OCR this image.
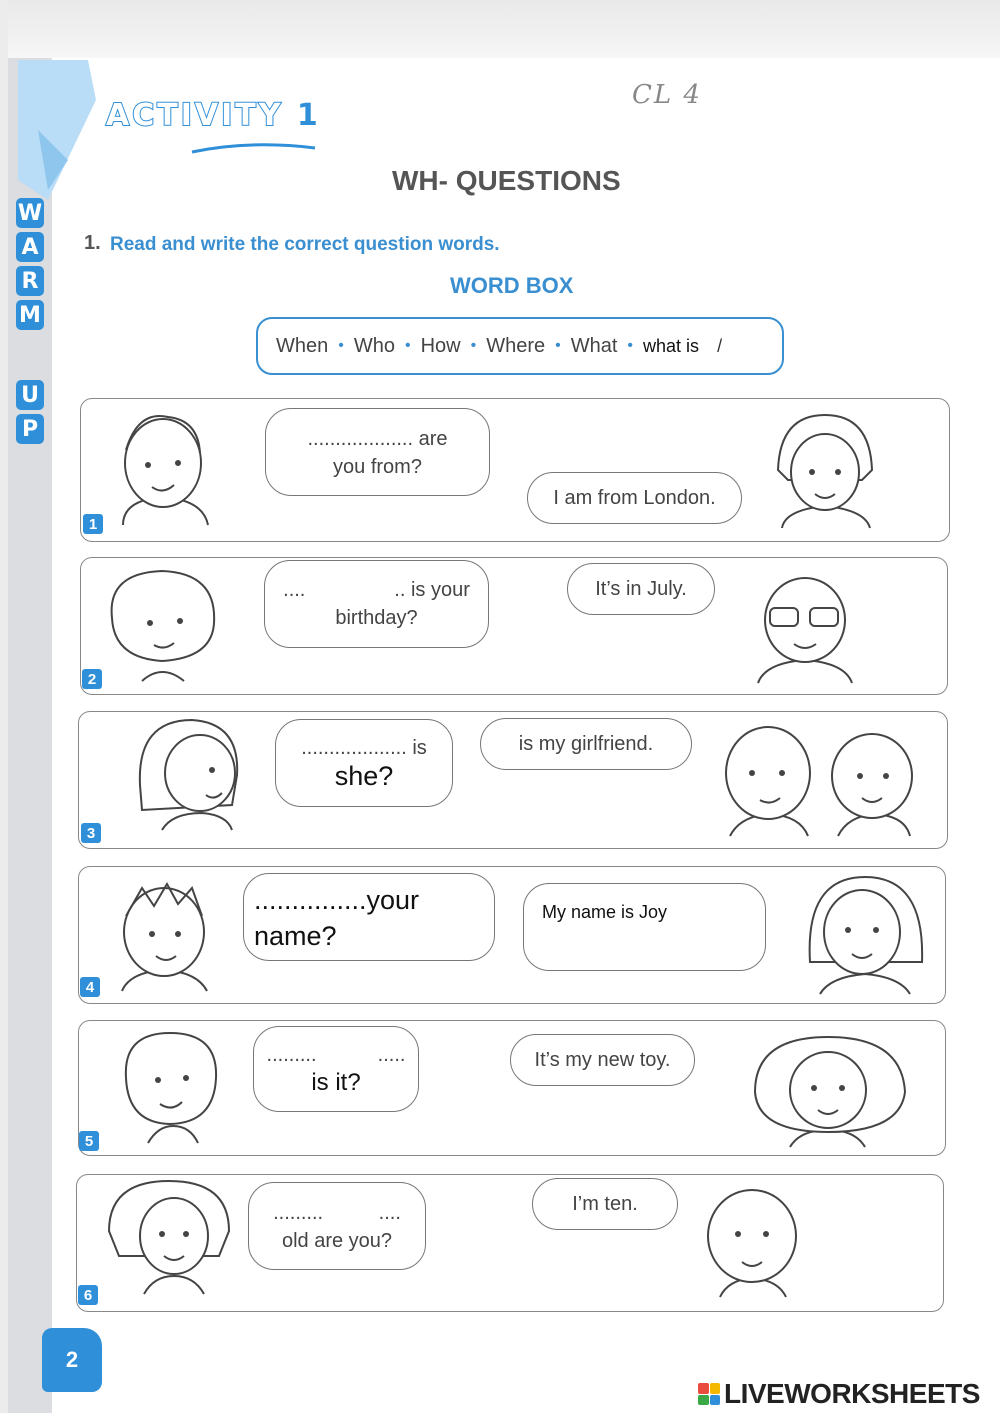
W
A
R
M
U
P
ACTIVITY 1
CL 4
WH- QUESTIONS
1. Read and write the correct question words.
WORD BOX
When • Who • How • Where • What • what is /
1
................... are
you from?
I am from London.
2
....                .. is your
birthday?
It’s in July.
3
................... is
she?
is my girlfriend.
4
...............your
name?
My name is Joy
5
.........           .....
is it?
It’s my new toy.
6
.........          ....
old are you?
I’m ten.
2
LIVEWORKSHEETS
